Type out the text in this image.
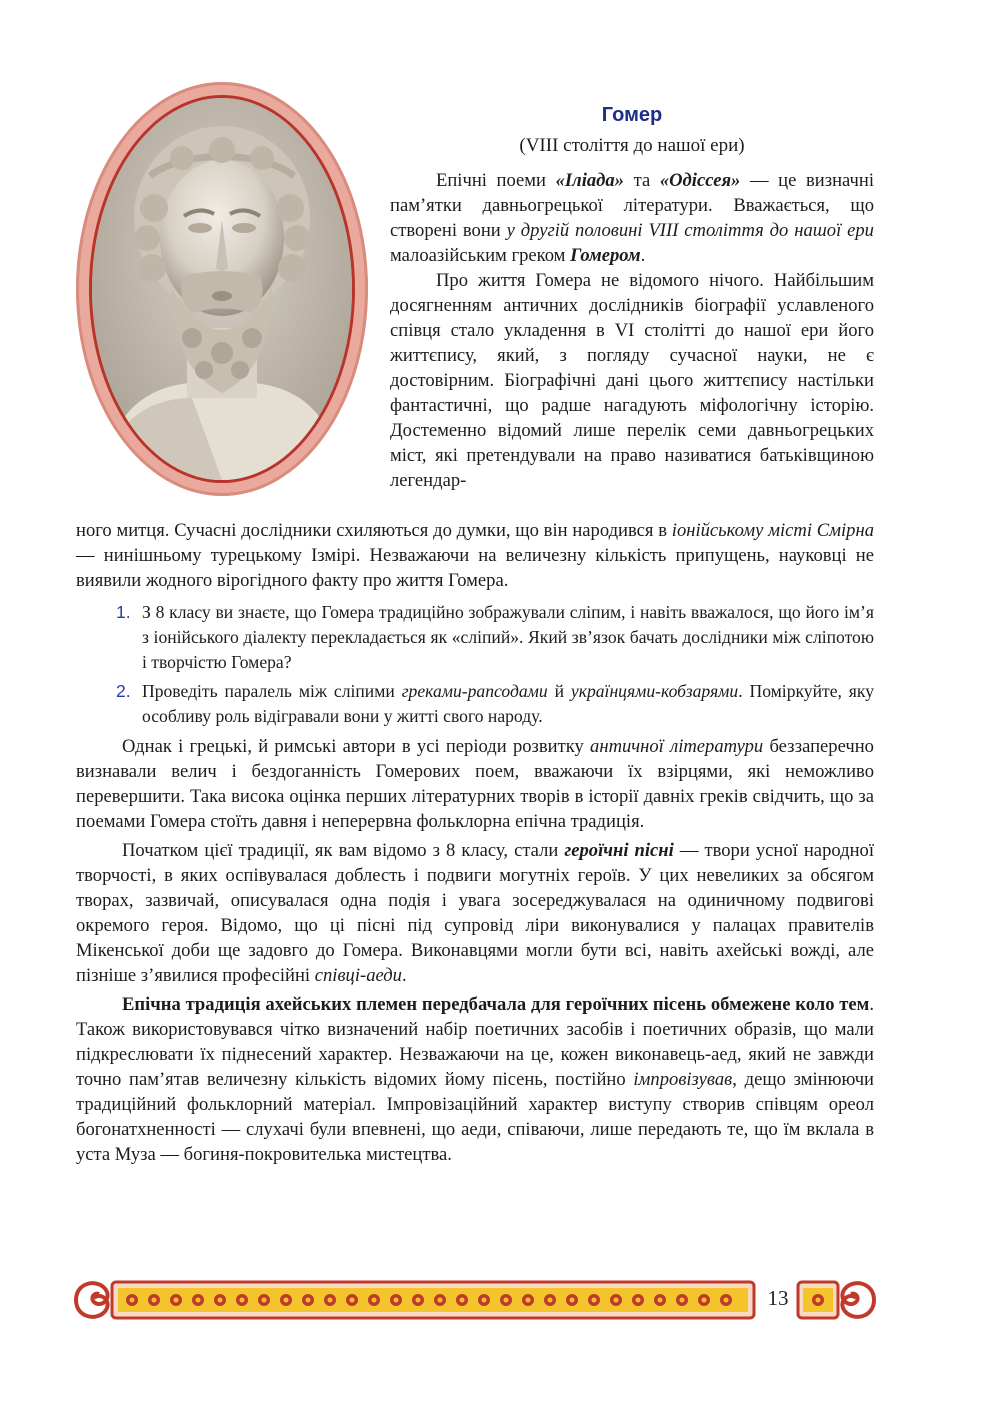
Гомер
(VIII століття до нашої ери)

Епічні поеми «Іліада» та «Одіссея» — це визначні пам’ятки давньогрецької літератури. Вважається, що створені вони у другій половині VIII століття до нашої ери малоазійським греком Гомером.

Про життя Гомера не відомого нічого. Найбільшим досягненням античних дослідників біографії уславленого співця стало укладення в VI столітті до нашої ери його життєпису, який, з погляду сучасної науки, не є достовірним. Біографічні дані цього життєпису настільки фантастичні, що радше нагадують міфологічну історію. Достеменно відомий лише перелік семи давньогрецьких міст, які претендували на право називатися батьківщиною легендар-

ного митця. Сучасні дослідники схиляються до думки, що він народився в іонійському місті Смірна — нинішньому турецькому Ізмірі. Незважаючи на величезну кількість припущень, науковці не виявили жодного вірогідного факту про життя Гомера.

1. З 8 класу ви знаєте, що Гомера традиційно зображували сліпим, і навіть вважалося, що його ім’я з іонійського діалекту перекладається як «сліпий». Який зв’язок бачать дослідники між сліпотою і творчістю Гомера?
2. Проведіть паралель між сліпими греками-рапсодами й українцями-кобзарями. Поміркуйте, яку особливу роль відігравали вони у житті свого народу.

Однак і грецькі, й римські автори в усі періоди розвитку античної літератури беззаперечно визнавали велич і бездоганність Гомерових поем, вважаючи їх взірцями, які неможливо перевершити. Така висока оцінка перших літературних творів в історії давніх греків свідчить, що за поемами Гомера стоїть давня і неперервна фольклорна епічна традиція.

Початком цієї традиції, як вам відомо з 8 класу, стали героїчні пісні — твори усної народної творчості, в яких оспівувалася доблесть і подвиги могутніх героїв. У цих невеликих за обсягом творах, зазвичай, описувалася одна подія і увага зосереджувалася на одиничному подвигові окремого героя. Відомо, що ці пісні під супровід ліри виконувалися у палацах правителів Мікенської доби ще задовго до Гомера. Виконавцями могли бути всі, навіть ахейські вожді, але пізніше з’явилися професійні співці-аеди.

Епічна традиція ахейських племен передбачала для героїчних пісень обмежене коло тем. Також використовувався чітко визначений набір поетичних засобів і поетичних образів, що мали підкреслювати їх піднесений характер. Незважаючи на це, кожен виконавець-аед, який не завжди точно пам’ятав величезну кількість відомих йому пісень, постійно імпровізував, дещо змінюючи традиційний фольклорний матеріал. Імпровізаційний характер виступу створив співцям ореол богонатхненності — слухачі були впевнені, що аеди, співаючи, лише передають те, що їм вклала в уста Муза — богиня-покровителька мистецтва.

13
